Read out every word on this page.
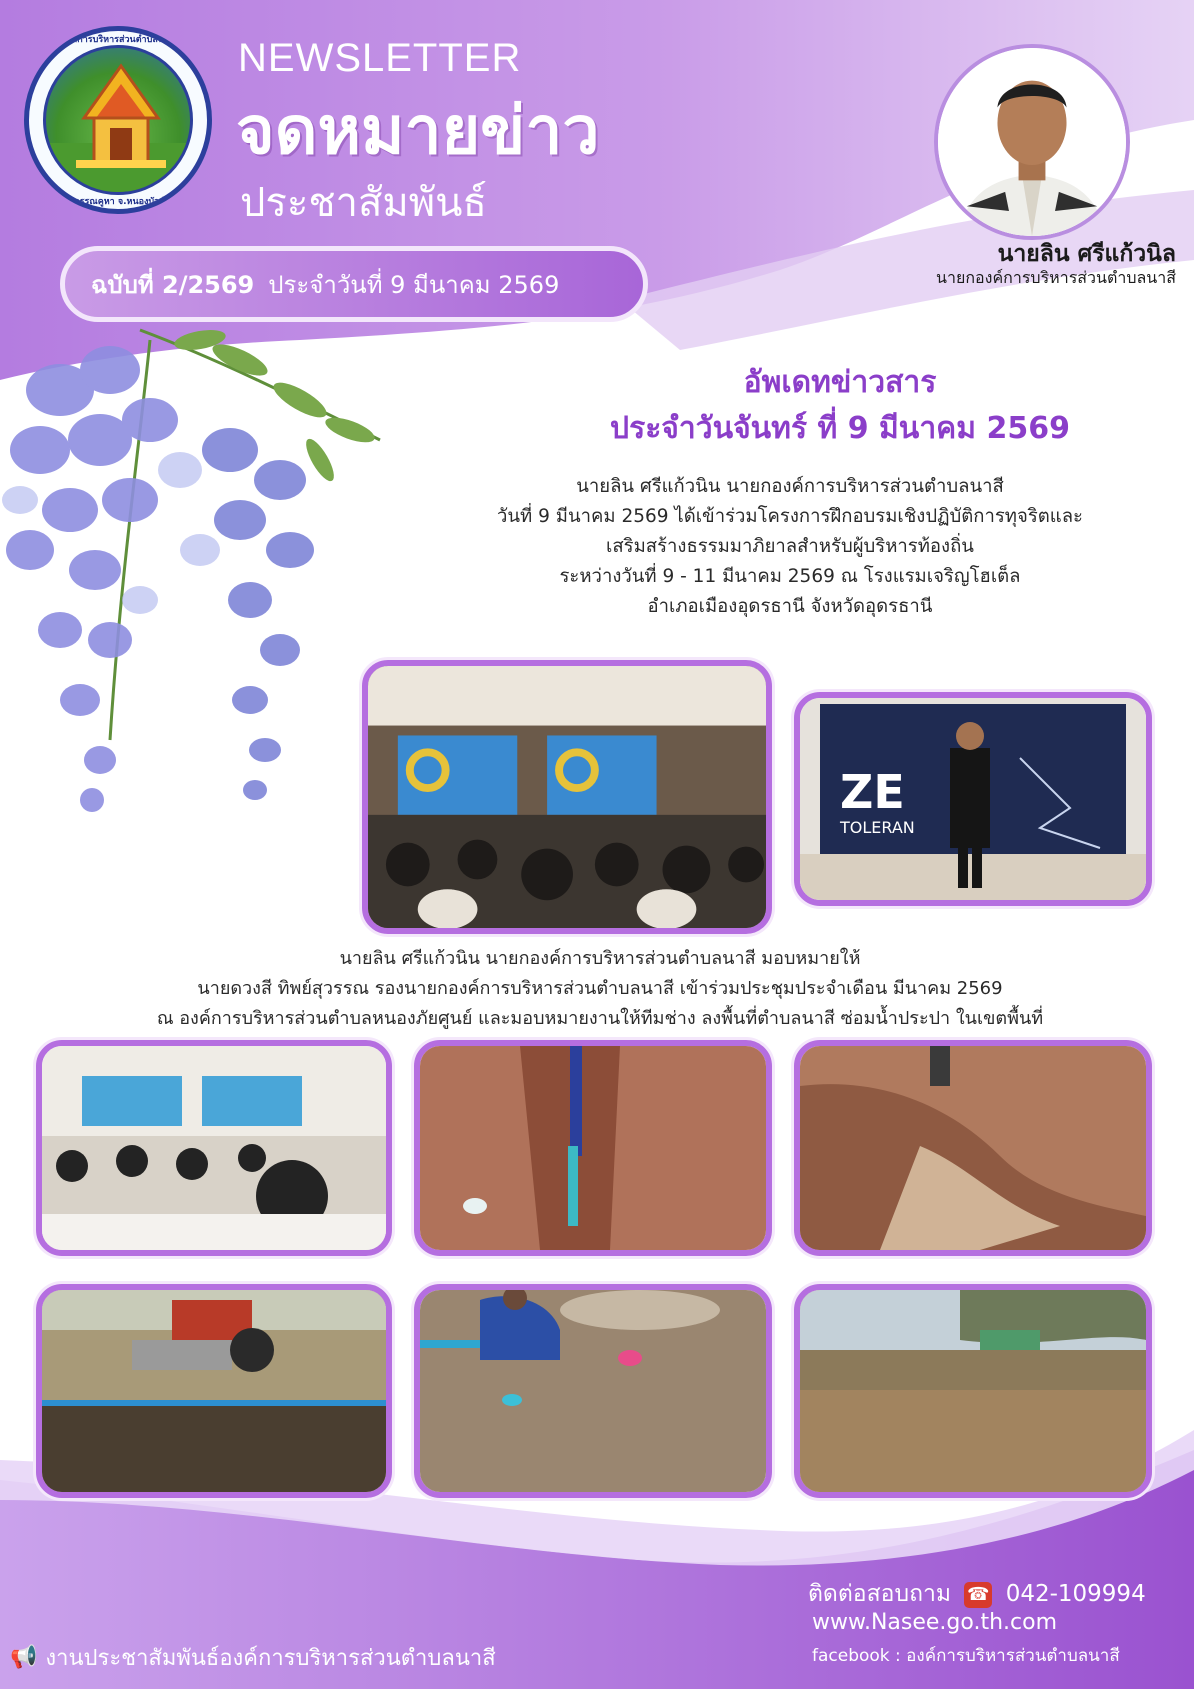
องค์การบริหารส่วนตำบลนาสี
อ.สุวรรณคูหา จ.หนองบัวลำภู
NEWSLETTER
จดหมายข่าว
ประชาสัมพันธ์
ฉบับที่ 2/2569 ประจำวันที่ 9 มีนาคม 2569
นายลิน ศรีแก้วนิล
นายกองค์การบริหารส่วนตำบลนาสี
อัพเดทข่าวสาร
ประจำวันจันทร์ ที่ 9 มีนาคม 2569
นายลิน ศรีแก้วนิน นายกองค์การบริหารส่วนตำบลนาสี
วันที่ 9 มีนาคม 2569 ได้เข้าร่วมโครงการฝึกอบรมเชิงปฏิบัติการทุจริตและ
เสริมสร้างธรรมมาภิยาลสำหรับผู้บริหารท้องถิ่น
ระหว่างวันที่ 9 - 11 มีนาคม 2569 ณ โรงแรมเจริญโฮเต็ล
อำเภอเมืองอุดรธานี จังหวัดอุดรธานี
ZE
TOLERAN
นายลิน ศรีแก้วนิน นายกองค์การบริหารส่วนตำบลนาสี มอบหมายให้
นายดวงสี ทิพย์สุวรรณ รองนายกองค์การบริหารส่วนตำบลนาสี เข้าร่วมประชุมประจำเดือน มีนาคม 2569
ณ องค์การบริหารส่วนตำบลหนองภัยศูนย์ และมอบหมายงานให้ทีมช่าง ลงพื้นที่ตำบลนาสี ซ่อมน้ำประปา ในเขตพื้นที่
ติดต่อสอบถาม ☎ 042-109994
www.Nasee.go.th.com
facebook : องค์การบริหารส่วนตำบลนาสี
📢 งานประชาสัมพันธ์องค์การบริหารส่วนตำบลนาสี
